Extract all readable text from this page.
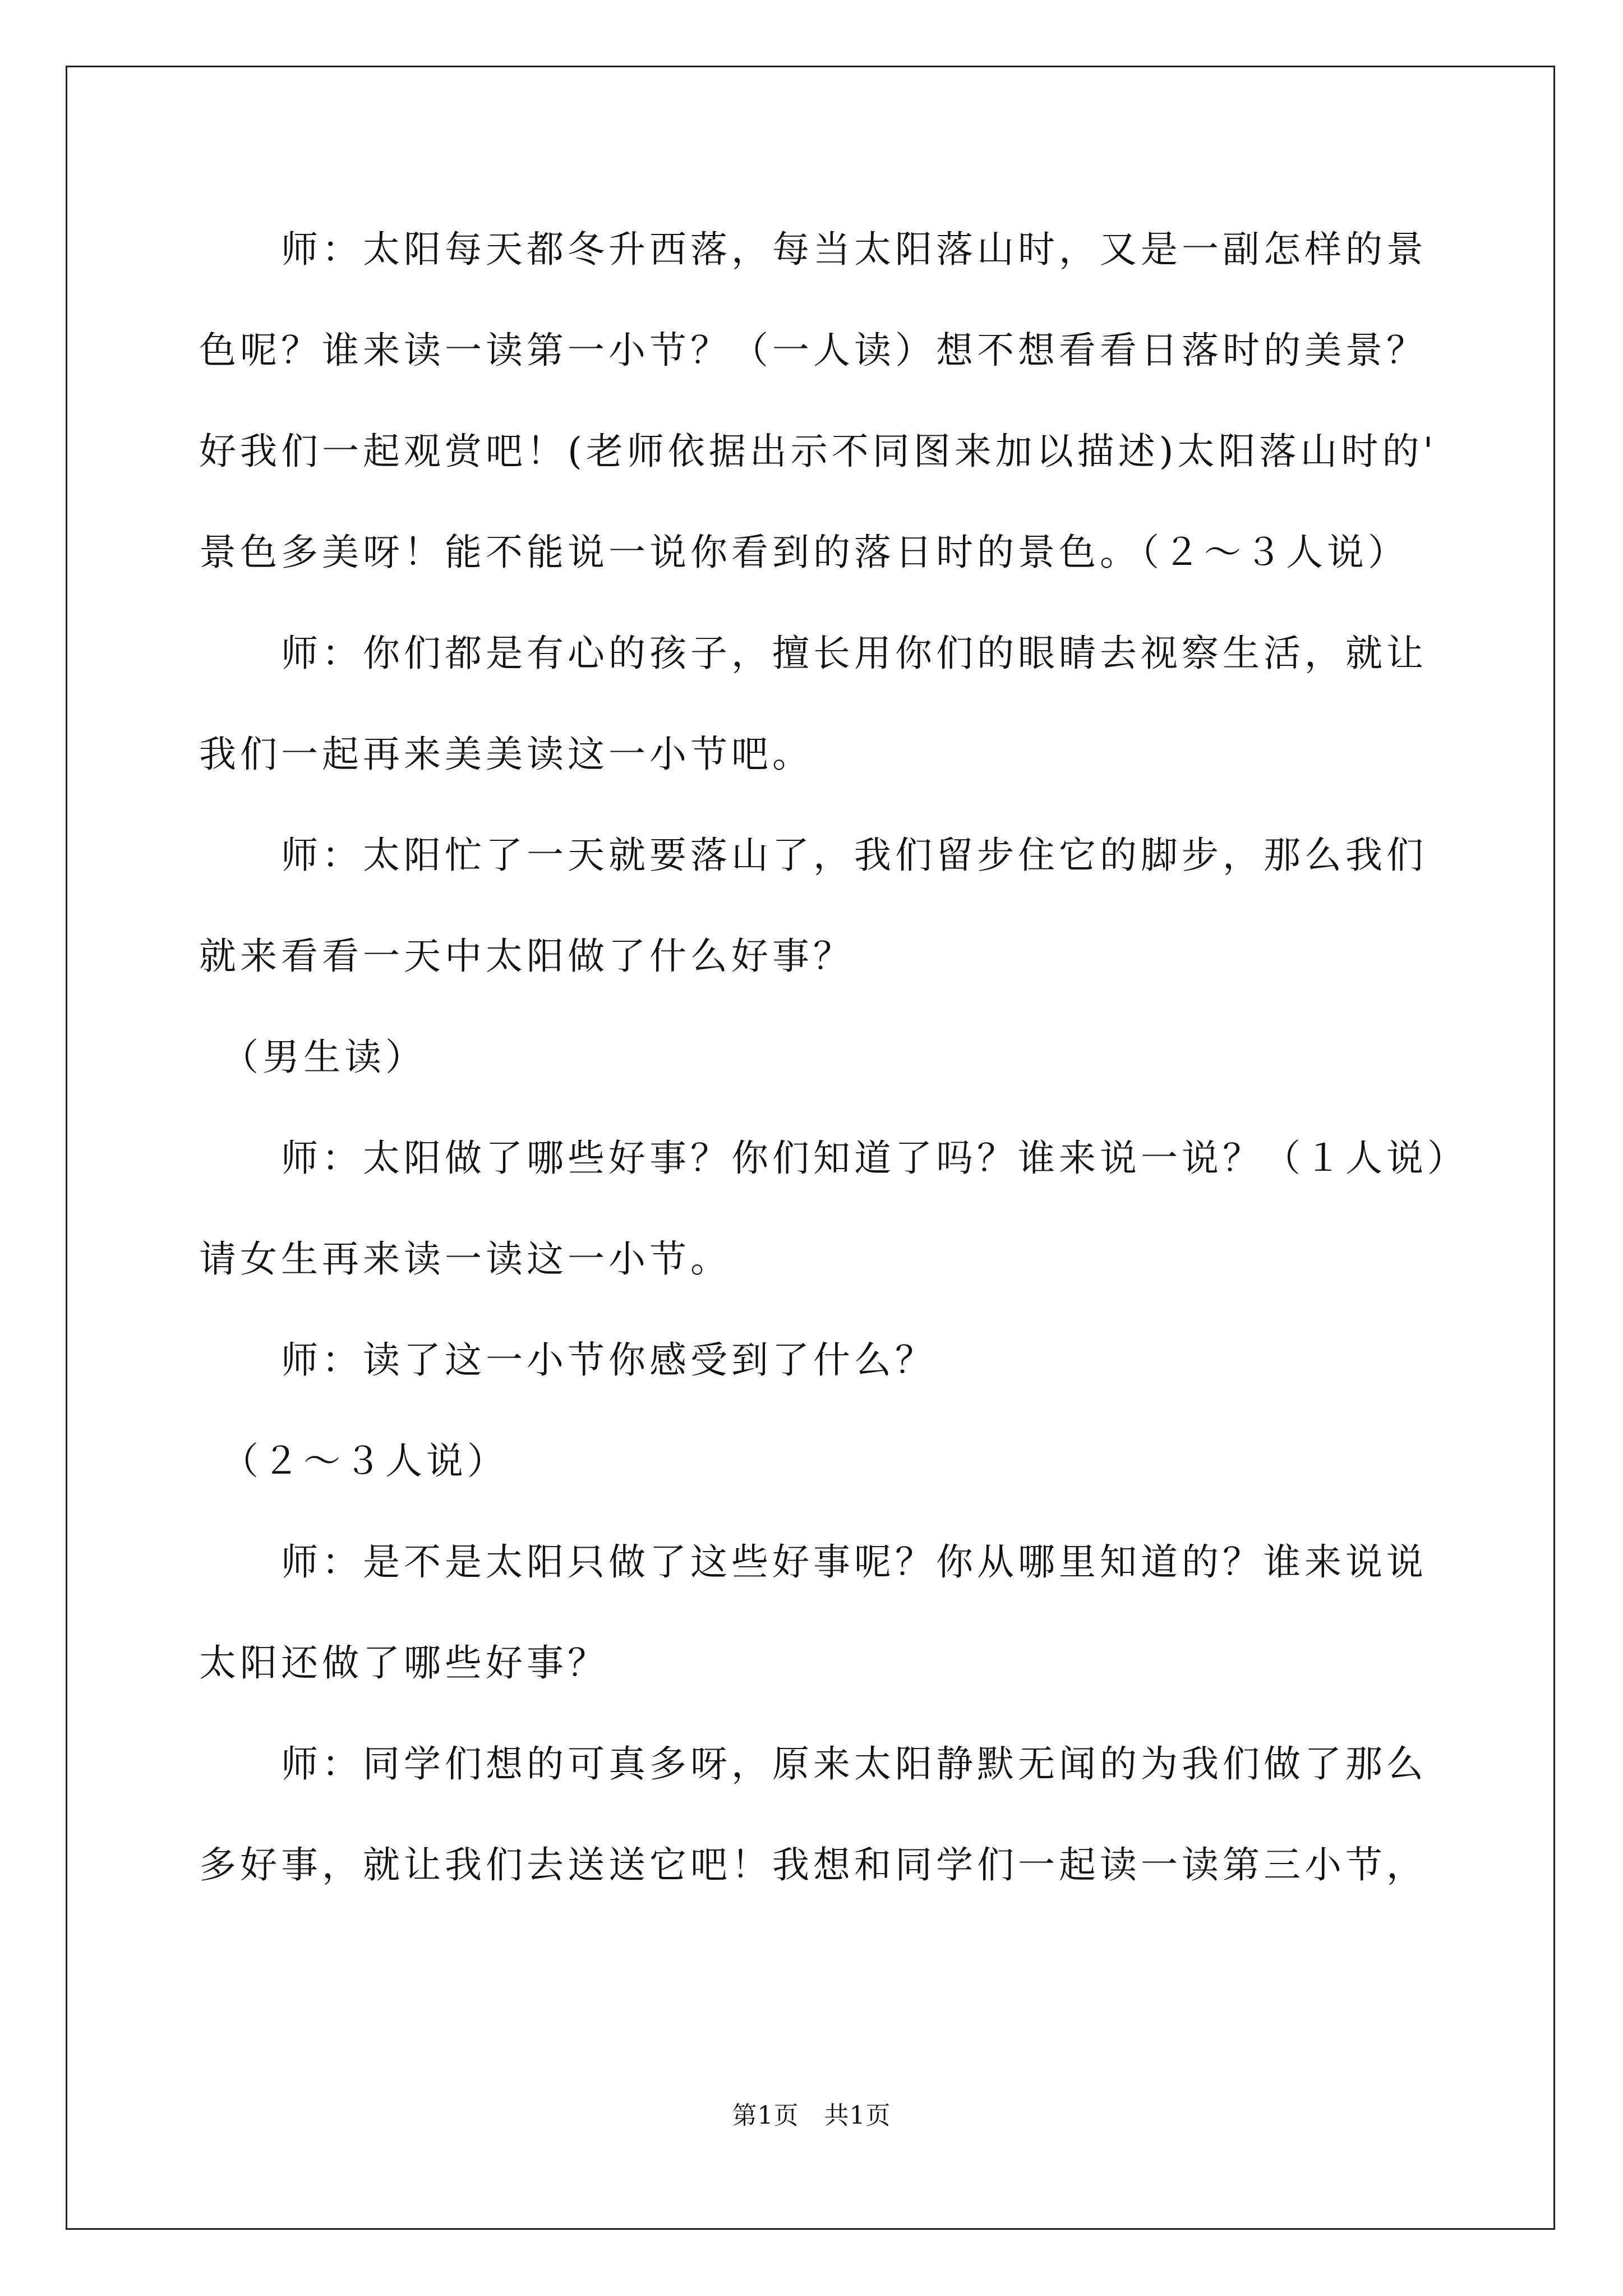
　　师：太阳每天都冬升西落，每当太阳落山时，又是一副怎样的景
色呢？谁来读一读第一小节？（一人读）想不想看看日落时的美景？
好我们一起观赏吧！(老师依据出示不同图来加以描述)太阳落山时的'
景色多美呀！能不能说一说你看到的落日时的景色。（２～３人说）
　　师：你们都是有心的孩子，擅长用你们的眼睛去视察生活，就让
我们一起再来美美读这一小节吧。
　　师：太阳忙了一天就要落山了，我们留步住它的脚步，那么我们
就来看看一天中太阳做了什么好事？
　（男生读）
　　师：太阳做了哪些好事？你们知道了吗？谁来说一说？（１人说）
请女生再来读一读这一小节。
　　师：读了这一小节你感受到了什么？
　（２～３人说）
　　师：是不是太阳只做了这些好事呢？你从哪里知道的？谁来说说
太阳还做了哪些好事？
　　师：同学们想的可真多呀，原来太阳静默无闻的为我们做了那么
多好事，就让我们去送送它吧！我想和同学们一起读一读第三小节，
第1页　共1页
